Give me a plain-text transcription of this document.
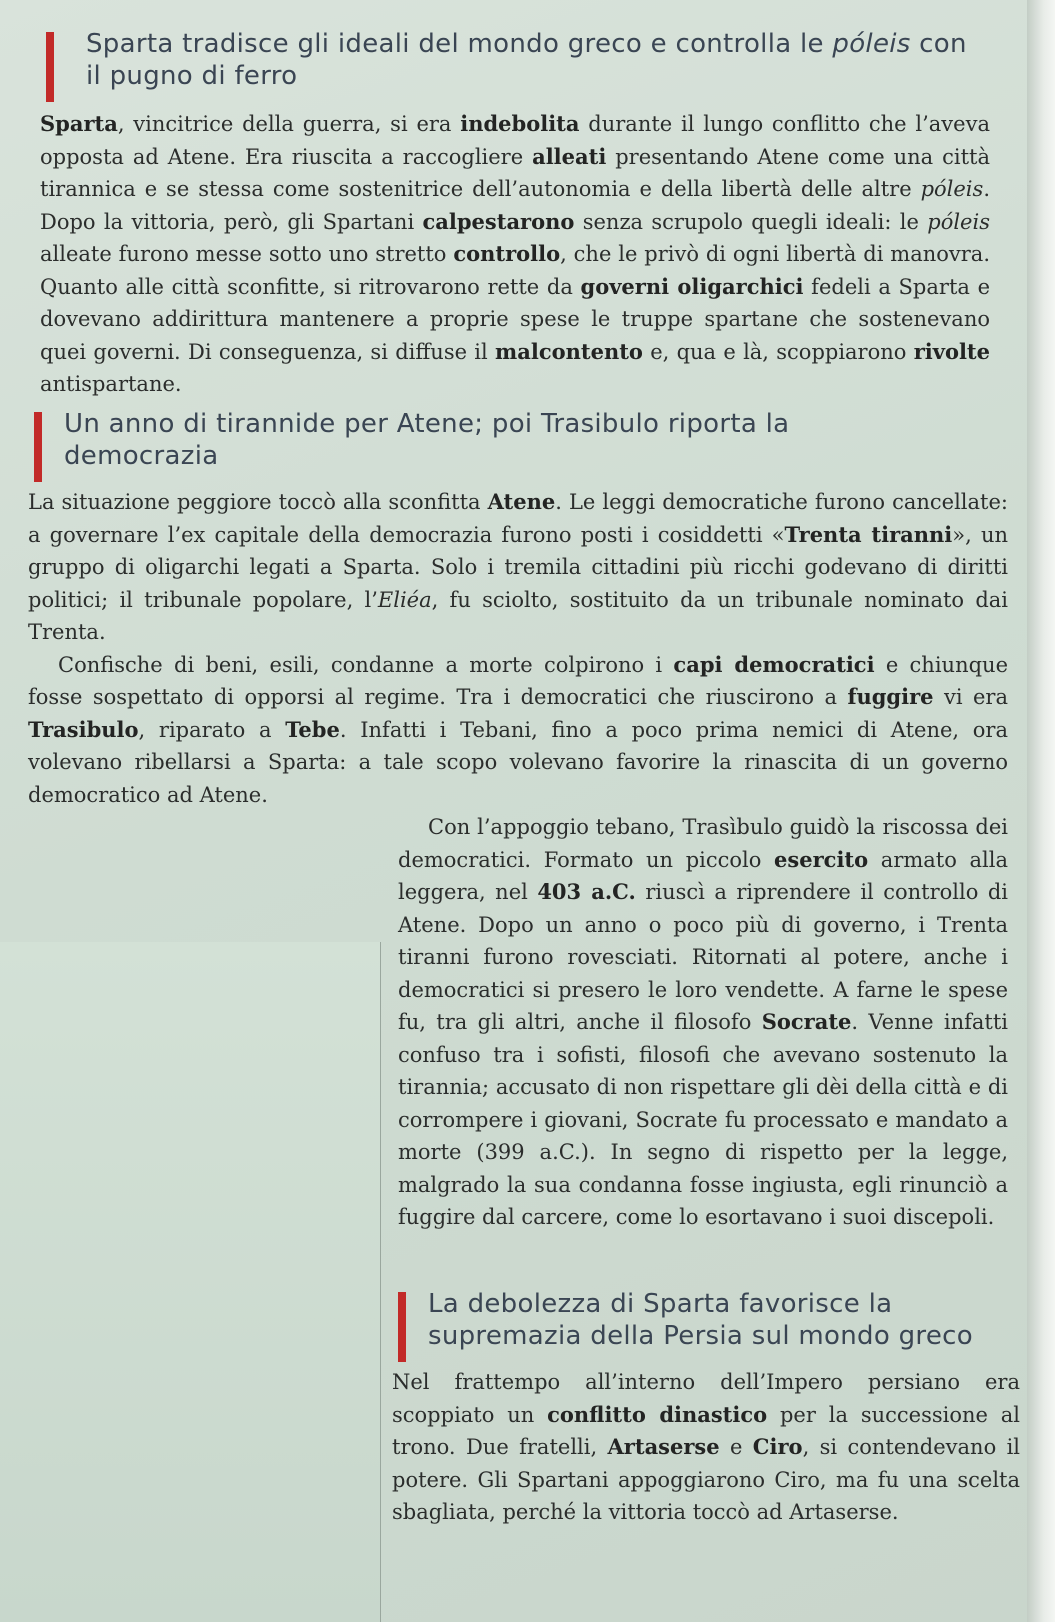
Sparta tradisce gli ideali del mondo greco e controlla le póleis con il pugno di ferro

Sparta, vincitrice della guerra, si era indebolita durante il lungo conflitto che l’aveva opposta ad Atene. Era riuscita a raccogliere alleati presentando Atene come una città tirannica e se stessa come sostenitrice dell’autonomia e della libertà delle altre póleis. Dopo la vittoria, però, gli Spartani calpestarono senza scrupolo quegli ideali: le póleis alleate furono messe sotto uno stretto controllo, che le privò di ogni libertà di manovra. Quanto alle città sconfitte, si ritrovarono rette da governi oligarchici fedeli a Sparta e dovevano addirittura mantenere a proprie spese le truppe spartane che sostenevano quei governi. Di conseguenza, si diffuse il malcontento e, qua e là, scoppiarono rivolte antispartane.

Un anno di tirannide per Atene; poi Trasibulo riporta la democrazia

La situazione peggiore toccò alla sconfitta Atene. Le leggi democratiche furono cancellate: a governare l’ex capitale della democrazia furono posti i cosiddetti «Trenta tiranni», un gruppo di oligarchi legati a Sparta. Solo i tremila cittadini più ricchi godevano di diritti politici; il tribunale popolare, l’Eliéa, fu sciolto, sostituito da un tribunale nominato dai Trenta.

Confische di beni, esili, condanne a morte colpirono i capi democratici e chiunque fosse sospettato di opporsi al regime. Tra i democratici che riuscirono a fuggire vi era Trasibulo, riparato a Tebe. Infatti i Tebani, fino a poco prima nemici di Atene, ora volevano ribellarsi a Sparta: a tale scopo volevano favorire la rinascita di un governo democratico ad Atene.

Con l’appoggio tebano, Trasìbulo guidò la riscossa dei democratici. Formato un piccolo esercito armato alla leggera, nel 403 a.C. riuscì a riprendere il controllo di Atene. Dopo un anno o poco più di governo, i Trenta tiranni furono rovesciati. Ritornati al potere, anche i democratici si presero le loro vendette. A farne le spese fu, tra gli altri, anche il filosofo Socrate. Venne infatti confuso tra i sofisti, filosofi che avevano sostenuto la tirannia; accusato di non rispettare gli dèi della città e di corrompere i giovani, Socrate fu processato e mandato a morte (399 a.C.). In segno di rispetto per la legge, malgrado la sua condanna fosse ingiusta, egli rinunciò a fuggire dal carcere, come lo esortavano i suoi discepoli.

La debolezza di Sparta favorisce la supremazia della Persia sul mondo greco

Nel frattempo all’interno dell’Impero persiano era scoppiato un conflitto dinastico per la successione al trono. Due fratelli, Artaserse e Ciro, si contendevano il potere. Gli Spartani appoggiarono Ciro, ma fu una scelta sbagliata, perché la vittoria toccò ad Artaserse.
